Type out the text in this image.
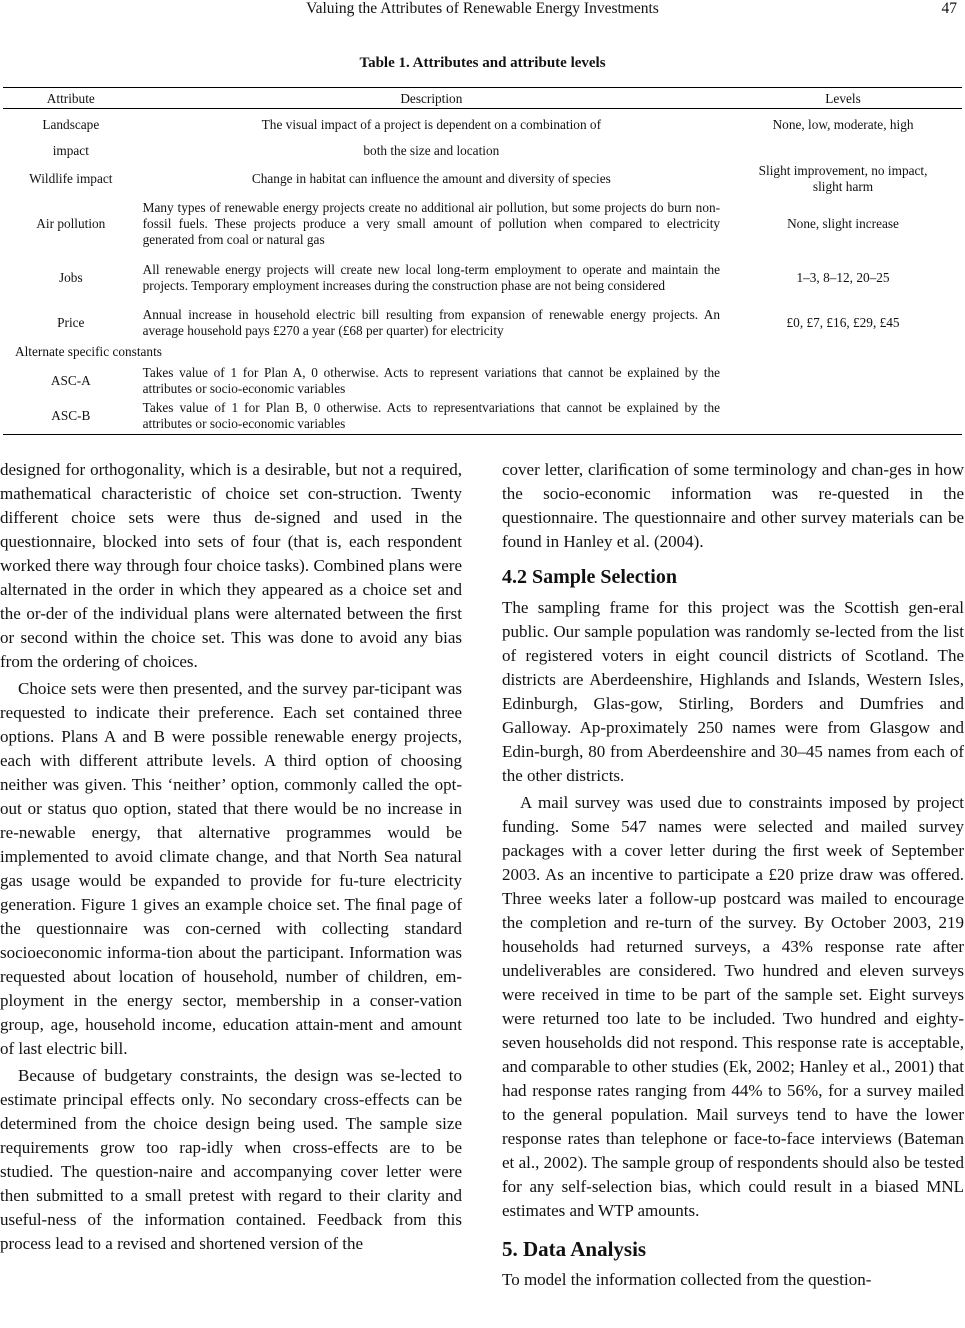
Valuing the Attributes of Renewable Energy Investments	47
Table 1. Attributes and attribute levels
Attribute	Description	Levels
Landscape	The visual impact of a project is dependent on a combination of	None, low, moderate, high
impact	both the size and location	
Wildlife impact	Change in habitat can inﬂuence the amount and diversity of species	Slight improvement, no impact, slight harm
Air pollution	Many types of renewable energy projects create no additional air pollution, but some projects do burn non-fossil fuels. These projects produce a very small amount of pollution when compared to electricity generated from coal or natural gas	None, slight increase
Jobs	All renewable energy projects will create new local long-term employment to operate and maintain the projects. Temporary employment increases during the construction phase are not being considered	1–3, 8–12, 20–25
Price	Annual increase in household electric bill resulting from expansion of renewable energy projects. An average household pays £270 a year (£68 per quarter) for electricity	£0, £7, £16, £29, £45
Alternate specific constants		
ASC-A	Takes value of 1 for Plan A, 0 otherwise. Acts to represent variations that cannot be explained by the attributes or socio-economic variables	
ASC-B	Takes value of 1 for Plan B, 0 otherwise. Acts to representvariations that cannot be explained by the attributes or socio-economic variables	

designed for orthogonality, which is a desirable, but not a required, mathematical characteristic of choice set con-struction. Twenty different choice sets were thus de-signed and used in the questionnaire, blocked into sets of four (that is, each respondent worked there way through four choice tasks). Combined plans were alternated in the order in which they appeared as a choice set and the or-der of the individual plans were alternated between the ﬁrst or second within the choice set. This was done to avoid any bias from the ordering of choices.

Choice sets were then presented, and the survey par-ticipant was requested to indicate their preference. Each set contained three options. Plans A and B were possible renewable energy projects, each with different attribute levels. A third option of choosing neither was given. This ‘neither’ option, commonly called the opt-out or status quo option, stated that there would be no increase in re-newable energy, that alternative programmes would be implemented to avoid climate change, and that North Sea natural gas usage would be expanded to provide for fu-ture electricity generation. Figure 1 gives an example choice set. The ﬁnal page of the questionnaire was con-cerned with collecting standard socioeconomic informa-tion about the participant. Information was requested about location of household, number of children, em-ployment in the energy sector, membership in a conser-vation group, age, household income, education attain-ment and amount of last electric bill.

Because of budgetary constraints, the design was se-lected to estimate principal effects only. No secondary cross-effects can be determined from the choice design being used. The sample size requirements grow too rap-idly when cross-effects are to be studied. The question-naire and accompanying cover letter were then submitted to a small pretest with regard to their clarity and useful-ness of the information contained. Feedback from this process lead to a revised and shortened version of the

cover letter, clariﬁcation of some terminology and chan-ges in how the socio-economic information was re-quested in the questionnaire. The questionnaire and other survey materials can be found in Hanley et al. (2004).

4.2 Sample Selection

The sampling frame for this project was the Scottish gen-eral public. Our sample population was randomly se-lected from the list of registered voters in eight council districts of Scotland. The districts are Aberdeenshire, Highlands and Islands, Western Isles, Edinburgh, Glas-gow, Stirling, Borders and Dumfries and Galloway. Ap-proximately 250 names were from Glasgow and Edin-burgh, 80 from Aberdeenshire and 30–45 names from each of the other districts.

A mail survey was used due to constraints imposed by project funding. Some 547 names were selected and mailed survey packages with a cover letter during the ﬁrst week of September 2003. As an incentive to participate a £20 prize draw was offered. Three weeks later a follow-up postcard was mailed to encourage the completion and re-turn of the survey. By October 2003, 219 households had returned surveys, a 43% response rate after undeliverables are considered. Two hundred and eleven surveys were received in time to be part of the sample set. Eight surveys were returned too late to be included. Two hundred and eighty-seven households did not respond. This response rate is acceptable, and comparable to other studies (Ek, 2002; Hanley et al., 2001) that had response rates ranging from 44% to 56%, for a survey mailed to the general population. Mail surveys tend to have the lower response rates than telephone or face-to-face interviews (Bateman et al., 2002). The sample group of respondents should also be tested for any self-selection bias, which could result in a biased MNL estimates and WTP amounts.

5. Data Analysis

To model the information collected from the question-
